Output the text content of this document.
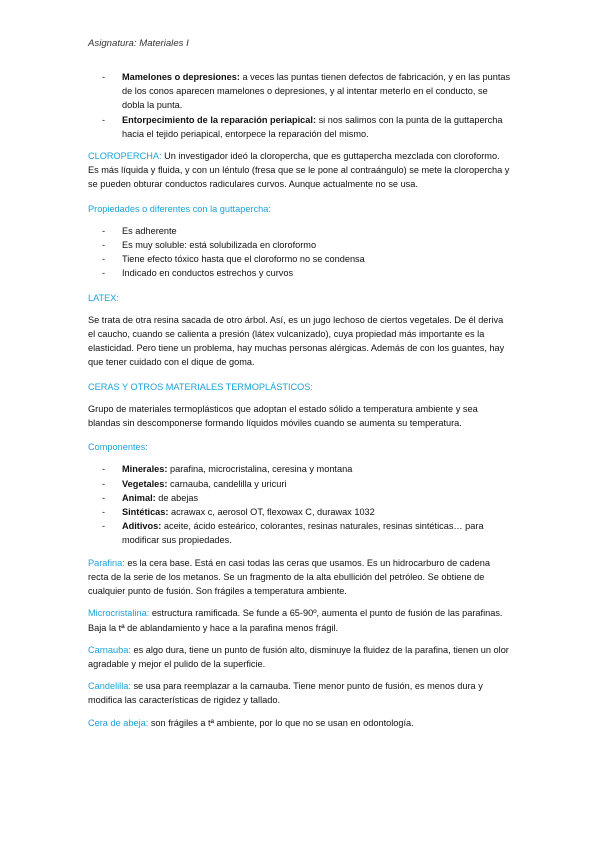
Asignatura: Materiales I
- Mamelones o depresiones: a veces las puntas tienen defectos de fabricación, y en las puntas de los conos aparecen mamelones o depresiones, y al intentar meterlo en el conducto, se dobla la punta.
- Entorpecimiento de la reparación periapical: si nos salimos con la punta de la guttapercha hacia el tejido periapical, entorpece la reparación del mismo.

CLOROPERCHA: Un investigador ideó la cloropercha, que es guttapercha mezclada con cloroformo. Es más líquida y fluida, y con un léntulo (fresa que se le pone al contraángulo) se mete la cloropercha y se pueden obturar conductos radiculares curvos. Aunque actualmente no se usa.

Propiedades o diferentes con la guttapercha:

- Es adherente
- Es muy soluble: está solubilizada en cloroformo
- Tiene efecto tóxico hasta que el cloroformo no se condensa
- Indicado en conductos estrechos y curvos

LATEX:

Se trata de otra resina sacada de otro árbol. Así, es un jugo lechoso de ciertos vegetales. De él deriva el caucho, cuando se calienta a presión (látex vulcanizado), cuya propiedad más importante es la elasticidad. Pero tiene un problema, hay muchas personas alérgicas. Además de con los guantes, hay que tener cuidado con el dique de goma.

CERAS Y OTROS MATERIALES TERMOPLÁSTICOS:

Grupo de materiales termoplásticos que adoptan el estado sólido a temperatura ambiente y sea blandas sin descomponerse formando líquidos móviles cuando se aumenta su temperatura.

Componentes:

- Minerales: parafina, microcristalina, ceresina y montana
- Vegetales: carnauba, candelilla y uricuri
- Animal: de abejas
- Sintéticas: acrawax c, aerosol OT, flexowax C, durawax 1032
- Aditivos: aceite, ácido esteárico, colorantes, resinas naturales, resinas sintéticas… para modificar sus propiedades.

Parafina: es la cera base. Está en casi todas las ceras que usamos. Es un hidrocarburo de cadena recta de la serie de los metanos. Se un fragmento de la alta ebullición del petróleo. Se obtiene de cualquier punto de fusión. Son frágiles a temperatura ambiente.

Microcristalina: estructura ramificada. Se funde a 65-90º, aumenta el punto de fusión de las parafinas. Baja la tª de ablandamiento y hace a la parafina menos frágil.

Carnauba: es algo dura, tiene un punto de fusión alto, disminuye la fluidez de la parafina, tienen un olor agradable y mejor el pulido de la superficie.

Candelilla: se usa para reemplazar a la carnauba. Tiene menor punto de fusión, es menos dura y modifica las características de rigidez y tallado.

Cera de abeja: son frágiles a tª ambiente, por lo que no se usan en odontología.
